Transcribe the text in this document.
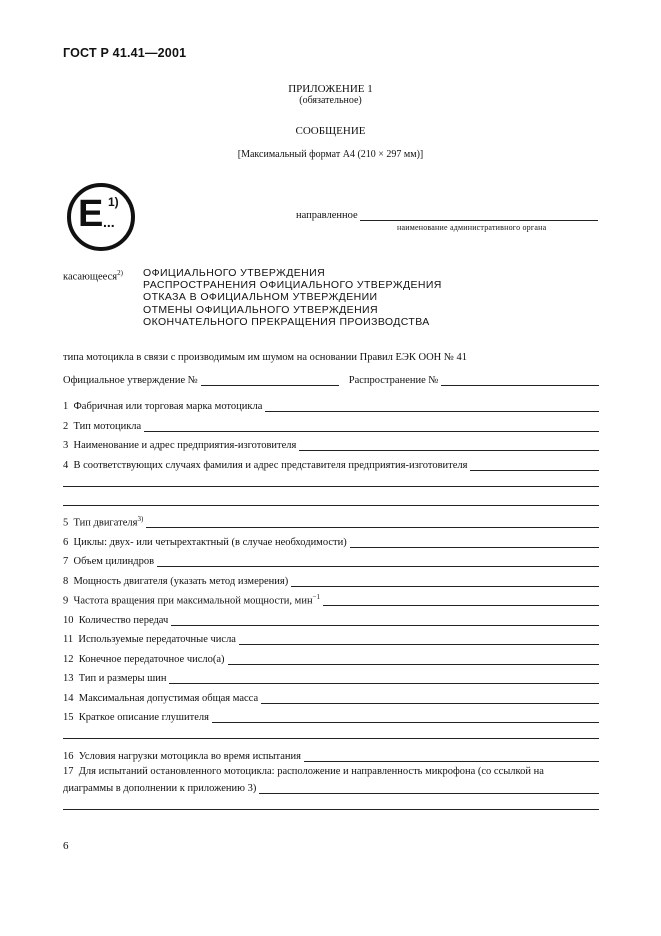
ГОСТ Р 41.41—2001
ПРИЛОЖЕНИЕ 1
(обязательное)
СООБЩЕНИЕ
[Максимальный формат А4 (210 × 297 мм)]
E 1)
...	направленное
наименование административного органа
касающееся$^{2)}$ ОФИЦИАЛЬНОГО УТВЕРЖДЕНИЯ
РАСПРОСТРАНЕНИЯ ОФИЦИАЛЬНОГО УТВЕРЖДЕНИЯ
ОТКАЗА В ОФИЦИАЛЬНОМ УТВЕРЖДЕНИИ
ОТМЕНЫ ОФИЦИАЛЬНОГО УТВЕРЖДЕНИЯ
ОКОНЧАТЕЛЬНОГО ПРЕКРАЩЕНИЯ ПРОИЗВОДСТВА
типа мотоцикла в связи с производимым им шумом на основании Правил ЕЭК ООН № 41
Официальное утверждение №	Распространение №
1 Фабричная или торговая марка мотоцикла
2 Тип мотоцикла
3 Наименование и адрес предприятия-изготовителя
4 В соответствующих случаях фамилия и адрес представителя предприятия-изготовителя
5 Тип двигателя$^{3)}$
6 Циклы: двух- или четырехтактный (в случае необходимости)
7 Объем цилиндров
8 Мощность двигателя (указать метод измерения)
9 Частота вращения при максимальной мощности, мин$^{-1}$
10 Количество передач
11 Используемые передаточные числа
12 Конечное передаточное число(а)
13 Тип и размеры шин
14 Максимальная допустимая общая масса
15 Краткое описание глушителя
16 Условия нагрузки мотоцикла во время испытания
17 Для испытаний остановленного мотоцикла: расположение и направленность микрофона (со ссылкой на
диаграммы в дополнении к приложению 3)
6
